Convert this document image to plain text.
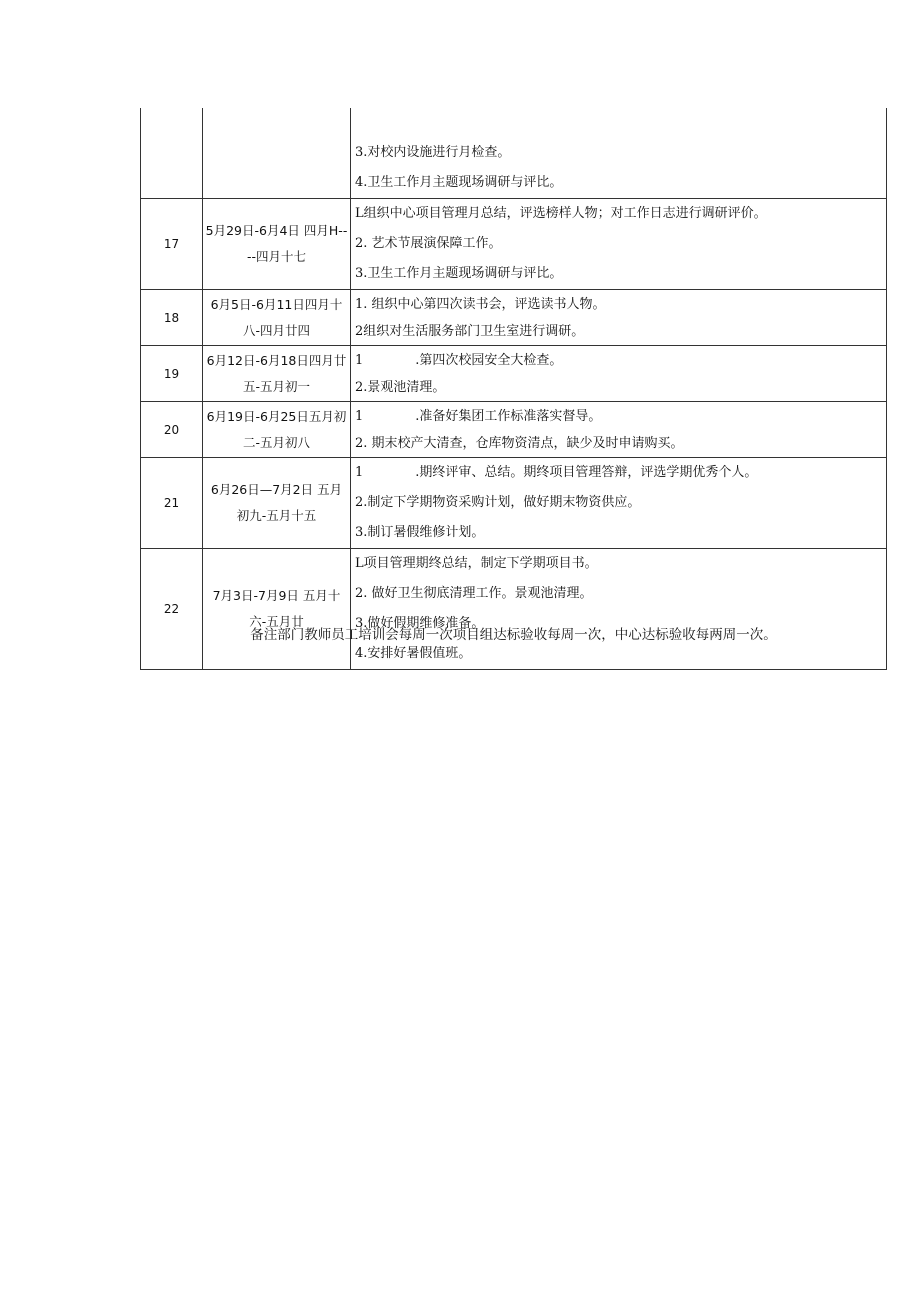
		3.对校内设施进行月检查。
4.卫生工作月主题现场调研与评比。

17	5月29日-6月4日 四月H----四月十七	L组织中心项目管理月总结，评选榜样人物；对工作日志进行调研评价。
2. 艺术节展演保障工作。
3.卫生工作月主题现场调研与评比。

18	6月5日-6月11日四月十八-四月廿四	1. 组织中心第四次读书会，评选读书人物。
2组织对生活服务部门卫生室进行调研。

19	6月12日-6月18日四月廿五-五月初一	1 .第四次校园安全大检查。
2.景观池清理。

20	6月19日-6月25日五月初二-五月初八	1 .准备好集团工作标准落实督导。
2. 期末校产大清查，仓库物资清点，缺少及时申请购买。

21	6月26日—7月2日 五月初九-五月十五	1 .期终评审、总结。期终项目管理答辩，评选学期优秀个人。
2.制定下学期物资采购计划，做好期末物资供应。
3.制订暑假维修计划。

22	7月3日-7月9日 五月十六-五月廿	L项目管理期终总结，制定下学期项目书。
2. 做好卫生彻底清理工作。景观池清理。
3.做好假期维修准备。
4.安排好暑假值班。
备注部门教师员工培训会每周一次项目组达标验收每周一次，中心达标验收每两周一次。
